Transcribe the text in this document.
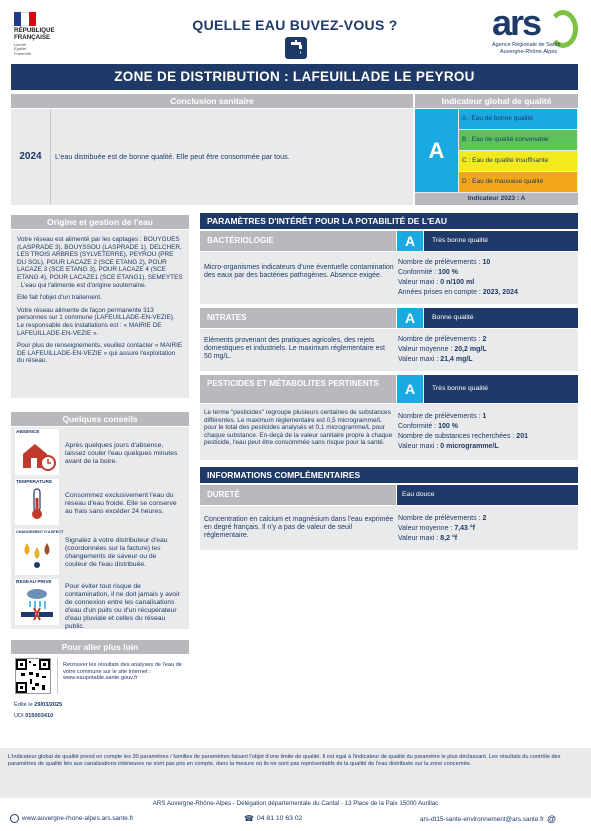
RÉPUBLIQUE
FRANÇAISE
Liberté
Égalité
Fraternité
QUELLE EAU BUVEZ-VOUS ?	ars
Agence Régionale de Santé
Auvergne-Rhône-Alpes
ZONE DE DISTRIBUTION : LAFEUILLADE LE PEYROU
Conclusion sanitaire	Indicateur global de qualité
2024	L'eau distribuée est de bonne qualité. Elle peut être consommée par tous.	A
A : Eau de bonne qualité
B : Eau de qualité convenable
C : Eau de qualité insuffisante
D : Eau de mauvaise qualité
Indicateur 2023 : A
Origine et gestion de l'eau

Votre réseau est alimenté par les captages : BOUYGUES (LASPRADE 3), BOUYSSOU (LASPRADE 1), DELCHER, LES TROIS ARBRES (SYLVETERRE), PEYROU (PRE DU SOL), POUR LACAZE 2 (SCE ETANG 2), POUR LACAZE 3 (SCE ETANG 3), POUR LACAZE 4 (SCE ETANG 4), POUR LACAZE1 (SCE ETANG1), SEMEYTES . L'eau qui l'alimente est d'origine souterraine.

Elle fait l'objet d'un traitement.

Votre réseau alimente de façon permanente 313 personnes sur 1 commune (LAFEUILLADE-EN-VEZIE). Le responsable des installations est : « MAIRIE DE LAFEUILLADE-EN-VEZIE ».

Pour plus de renseignements, veuillez contacter « MAIRIE DE LAFEUILLADE-EN-VEZIE » qui assure l'exploitation du réseau.

Quelques conseils
ABSENCE
Après quelques jours d'absence, laissez couler l'eau quelques minutes avant de la boire.
TEMPERATURE
Consommez exclusivement l'eau du réseau d'eau froide. Elle se conserve au frais sans excéder 24 heures.
CHANGEMENT D'ASPECT
Signalez à votre distributeur d'eau (coordonnées sur la facture) les changements de saveur ou de couleur de l'eau distribuée.
RESEAU PRIVE
Pour éviter tout risque de contamination, il ne doit jamais y avoir de connexion entre les canalisations d'eau d'un puits ou d'un récupérateur d'eau pluviale et celles du réseau public.
Pour aller plus loin
Retrouver les résultats des analyses de l'eau de votre commune sur le site Internet : www.eaupotable.sante.gouv.fr
Édité le 29/03/2025
UDI 015003410
PARAMÈTRES D'INTÉRÊT POUR LA POTABILITÉ DE L'EAU
BACTÉRIOLOGIE	A	Très bonne qualité
Micro-organismes indicateurs d'une éventuelle contamination des eaux par des bactéries pathogènes. Absence exigée.
Nombre de prélèvements : 10
Conformité : 100 %
Valeur maxi : 0 n/100 ml
Années prises en compte : 2023, 2024
NITRATES	A	Bonne qualité
Eléments provenant des pratiques agricoles, des rejets domestiques et industriels. Le maximum réglementaire est 50 mg/L.
Nombre de prélèvements : 2
Valeur moyenne : 20,2 mg/L
Valeur maxi : 21,4 mg/L
PESTICIDES ET MÉTABOLITES PERTINENTS	A	Très bonne qualité
Le terme "pesticides" regroupe plusieurs centaines de substances différentes. Le maximum réglementaire est 0,5 microgramme/L pour le total des pesticides analysés et 0,1 microgramme/L pour chaque substance. En-deçà de la valeur sanitaire propre à chaque pesticide, l'eau peut être consommée sans risque pour la santé.
Nombre de prélèvements : 1
Conformité : 100 %
Nombre de substances recherchées : 201
Valeur maxi : 0 microgramme/L
INFORMATIONS COMPLÉMENTAIRES
DURETÉ	Eau douce
Concentration en calcium et magnésium dans l'eau exprimée en degré français. Il n'y a pas de valeur de seuil réglementaire.
Nombre de prélèvements : 2
Valeur moyenne : 7,43 °f
Valeur maxi : 8,2 °f
L'indicateur global de qualité prend en compte les 30 paramètres / familles de paramètres faisant l'objet d'une limite de qualité. Il est égal à l'indicateur de qualité du paramètre le plus déclassant. Les résultats du contrôle des paramètres de qualité liés aux canalisations intérieures ne sont pas pris en compte, dans la mesure où ils ne sont pas représentatifs de la qualité de l'eau distribuée sur la zone concernée.
ARS Auvergne-Rhône-Alpes - Délégation départementale du Cantal - 13 Place de la Paix 15000 Aurillac
www.auvergne-rhone-alpes.ars.sante.fr	☎ 04 81 10 63 02	ars-dt15-sante-environnement@ars.sante.fr @
